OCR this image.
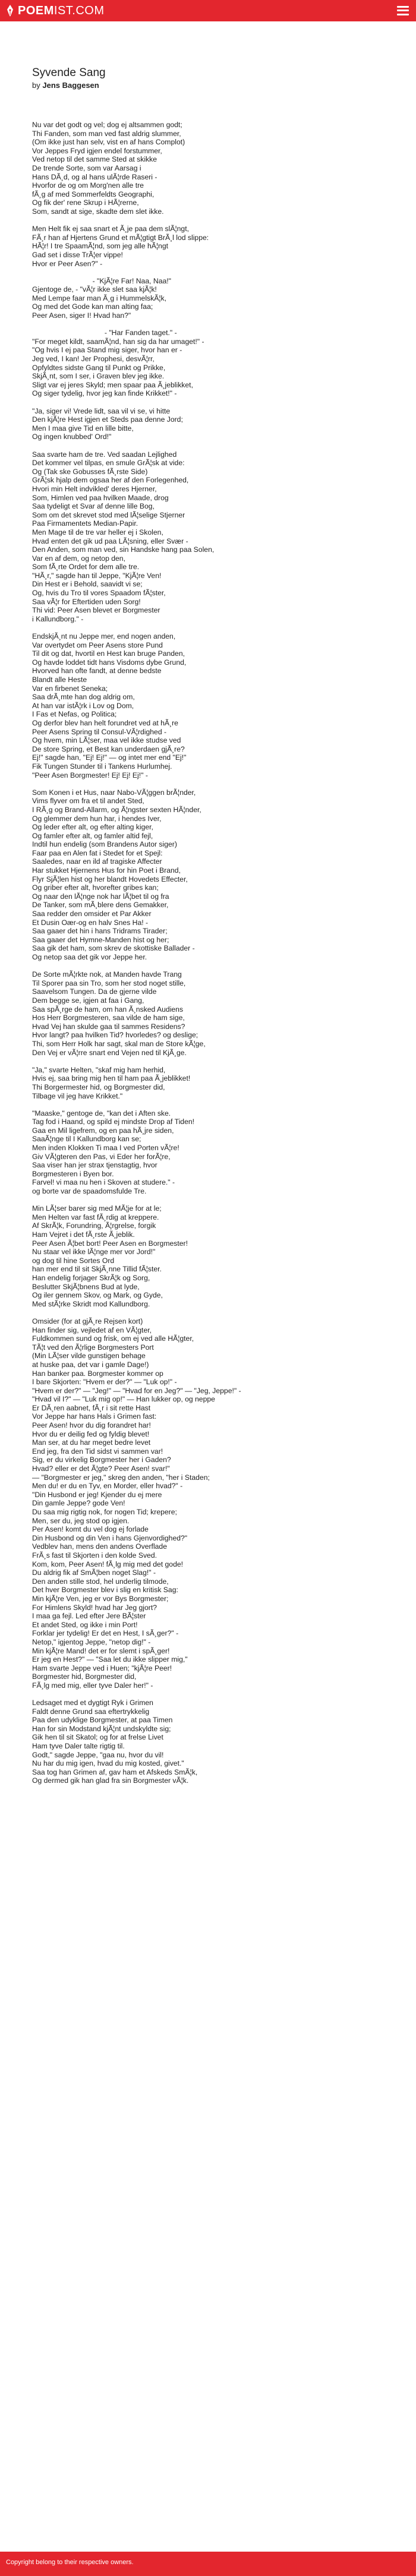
POEM IST.COM
Syvende Sang
by Jens Baggesen
Nu var det godt og vel; dog ej altsammen godt;
Thi Fanden, som man ved fast aldrig slummer,
(Om ikke just han selv, vist en af hans Complot)
Vor Jeppes Fryd igjen endel forstummer,
Ved netop til det samme Sted at skikke
De trende Sorte, som var Aarsag i
Hans DÃ¸d, og al hans ulÃ¦rde Raseri -
Hvorfor de og om Morg'nen alle tre
fÃ¸g af med Sommerfeldts Geographi,
Og fik der' rene Skrup i HÃ¦rerne,
Som, sandt at sige, skadte dem slet ikke.
Men Helt fik ej saa snart et Ã¸je paa dem slÃ¦ngt,
FÃ¸r han af Hjertens Grund et mÃ¦gtigt BrÃ¸l lod slippe:
HÃ¦r! I tre SpaamÃ¦nd, som jeg alle hÃ¦ngt
Gad set i disse TrÃ¦er vippe!
Hvor er Peer Asen?" -
- "KjÃ¦re Far! Naa, Naa!"
Gjentoge de, - "vÃ¦r ikke slet saa kjÃ¦k!
Med Lempe faar man Ã¸g i HummelskÃ¦k,
Og med det Gode kan man alting faa;
Peer Asen, siger I! Hvad han?"
- "Har Fanden taget." -
"For meget kildt, saamÃ¦nd, han sig da har umaget!" -
"Og hvis I ej paa Stand mig siger, hvor han er -
Jeg ved, I kan! Jer Prophesi, desvÃ¦rr,
Opfyldtes sidste Gang til Punkt og Prikke,
SkjÃ¸nt, som I ser, i Graven blev jeg ikke.
Sligt var ej jeres Skyld; men spaar paa Ã¸jeblikket,
Og siger tydelig, hvor jeg kan finde Krikket!" -
"Ja, siger vi! Vrede lidt, saa vil vi se, vi hitte
Den kjÃ¦re Hest igjen et Steds paa denne Jord;
Men I maa give Tid en lille bitte,
Og ingen knubbed' Ord!"
Saa svarte ham de tre. Ved saadan Lejlighed
Det kommer vel tilpas, en smule GrÃ¦sk at vide:
Og (Tak ske Gobusses fÃ¸rste Side)
GrÃ¦sk hjalp dem ogsaa her af den Forlegenhed,
Hvori min Helt indvikled' deres Hjerner,
Som, Himlen ved paa hvilken Maade, drog
Saa tydeligt et Svar af denne lille Bog,
Som om det skrevet stod med lÃ¦selige Stjerner
Paa Firmamentets Median-Papir.
Men Mage til de tre var heller ej i Skolen,
Hvad enten det gik ud paa LÃ¦sning, eller Svær -
Den Anden, som man ved, sin Handske hang paa Solen,
Var en af dem, og netop den,
Som fÃ¸rte Ordet for dem alle tre.
"HÃ¸r," sagde han til Jeppe, "KjÃ¦re Ven!
Din Hest er i Behold, saavidt vi se;
Og, hvis du Tro til vores Spaadom fÃ¦ster,
Saa vÃ¦r for Eftertiden uden Sorg!
Thi vid: Peer Asen blevet er Borgmester
i Kallundborg." -
EndskjÃ¸nt nu Jeppe mer, end nogen anden,
Var overtydet om Peer Asens store Pund
Til dit og dat, hvortil en Hest kan bruge Panden,
Og havde loddet tidt hans Visdoms dybe Grund,
Hvorved han ofte fandt, at denne bedste
Blandt alle Heste
Var en firbenet Seneka;
Saa drÃ¸mte han dog aldrig om,
At han var istÃ¦rk i Lov og Dom,
I Fas et Nefas, og Politica;
Og derfor blev han helt forundret ved at hÃ¸re
Peer Asens Spring til Consul-VÃ¦rdighed -
Og hvem, min LÃ¦ser, maa vel ikke studse ved
De store Spring, et Best kan underdaen gjÃ¸re?
Ej!" sagde han, "Ej! Ej!" — og intet mer end "Ej!"
Fik Tungen Stunder til i Tankens Hurlumhej.
"Peer Asen Borgmester! Ej! Ej! Ej!" -
Som Konen i et Hus, naar Nabo-VÃ¦ggen brÃ¦nder,
Vims flyver om fra et til andet Sted,
I RÃ¸g og Brand-Allarm, og Ã¦ngster sexten HÃ¦nder,
Og glemmer dem hun har, i hendes Iver,
Og leder efter alt, og efter alting kiger,
Og famler efter alt, og famler altid fejl,
Indtil hun endelig (som Brandens Autor siger)
Faar paa en Alen fat i Stedet for et Spejl:
Saaledes, naar en ild af tragiske Affecter
Har stukket Hjernens Hus for hin Poet i Brand,
Flyr SjÃ¦len hist og her blandt Hovedets Effecter,
Og griber efter alt, hvorefter gribes kan;
Og naar den lÃ¦nge nok har lÃ¦bet til og fra
De Tanker, som mÃ¸blere dens Gemakker,
Saa redder den omsider et Par Akker
Et Dusin Oær-og en halv Snes Ha! -
Saa gaaer det hin i hans Tridrams Tirader;
Saa gaaer det Hymne-Manden hist og her;
Saa gik det ham, som skrev de skottiske Ballader -
Og netop saa det gik vor Jeppe her.
De Sorte mÃ¦rkte nok, at Manden havde Trang
Til Sporer paa sin Tro, som her stod noget stille,
Saavelsom Tungen. Da de gjerne vilde
Dem begge se, igjen at faa i Gang,
Saa spÃ¸rge de ham, om han Ã¸nsked Audiens
Hos Herr Borgmesteren, saa vilde de ham sige,
Hvad Vej han skulde gaa til sammes Residens?
Hvor langt? paa hvilken Tid? hvorledes? og deslige;
Thi, som Herr Holk har sagt, skal man de Store kÃ¦ge,
Den Vej er vÃ¦rre snart end Vejen ned til KjÃ¸ge.
"Ja," svarte Helten, "skaf mig ham herhid,
Hvis ej, saa bring mig hen til ham paa Ã¸jeblikket!
Thi Borgermester hid, og Borgmester did,
Tilbage vil jeg have Krikket."
"Maaske," gentoge de, "kan det i Aften ske.
Tag fod i Haand, og spild ej mindste Drop af Tiden!
Gaa en Mil ligefrem, og en paa hÃ¸jre siden,
SaaÃ¦nge til I Kallundborg kan se;
Men inden Klokken Ti maa I ved Porten vÃ¦re!
Giv VÃ¦gteren den Pas, vi Eder her forÃ¦re,
Saa viser han jer strax tjenstagtig, hvor
Borgmesteren i Byen bor.
Farvel! vi maa nu hen i Skoven at studere." -
og borte var de spaadomsfulde Tre.
Min LÃ¦ser barer sig med MÃ¦je for at le;
Men Helten var fast fÃ¸rdig at kreppere.
Af SkrÃ¦k, Forundring, Ã¦rgrelse, forgik
Ham Vejret i det fÃ¸rste Ã¸jeblik.
Peer Asen Ã¦bet bort! Peer Asen en Borgmester!
Nu staar vel ikke lÃ¦nge mer vor Jord!"
og dog til hine Sortes Ord
han mer end til sit SkjÃ¸nne Tillid fÃ¦ster.
Han endelig forjager SkrÃ¦k og Sorg,
Beslutter SkjÃ¦bnens Bud at lyde,
Og iler gennem Skov, og Mark, og Gyde,
Med stÃ¦rke Skridt mod Kallundborg.
Omsider (for at gjÃ¸re Rejsen kort)
Han finder sig, vejledet af en VÃ¦gter,
Fuldkommen sund og frisk, om ej ved alle HÃ¦gter,
TÃ¦t ved den Ã¦rlige Borgmesters Port
(Min LÃ¦ser vilde gunstigen behage
at huske paa, det var i gamle Dage!)
Han banker paa. Borgmester kommer op
I bare Skjorten: "Hvem er der?" — "Luk op!" -
"Hvem er der?" — "Jeg!" — "Hvad for en Jeg?" — "Jeg, Jeppe!" -
"Hvad vil I?" — "Luk mig op!" — Han lukker op, og neppe
Er DÃ¸ren aabnet, fÃ¸r i sit rette Hast
Vor Jeppe har hans Hals i Grimen fast:
Peer Asen! hvor du dig forandret har!
Hvor du er deilig fed og fyldig blevet!
Man ser, at du har meget bedre levet
End jeg, fra den Tid sidst vi sammen var!
Sig, er du virkelig Borgmester her i Gaden?
Hvad? eller er det Ã¦gte? Peer Asen! svar!"
— "Borgmester er jeg," skreg den anden, "her i Staden;
Men du! er du en Tyv, en Morder, eller hvad?" -
"Din Husbond er jeg! Kjender du ej mere
Din gamle Jeppe? gode Ven!
Du saa mig rigtig nok, for nogen Tid; krepere;
Men, ser du, jeg stod op igjen.
Per Asen! komt du vel dog ej forlade
Din Husbond og din Ven i hans Gjenvordighed?"
Vedblev han, mens den andens Overflade
FrÃ¸s fast til Skjorten i den kolde Sved.
Kom, kom, Peer Asen! fÃ¸lg mig med det gode!
Du aldrig fik af SmÃ¦ben noget Slag!" -
Den anden stille stod, hel underlig tilmode,
Det hver Borgmester blev i slig en kritisk Sag:
Min kjÃ¦re Ven, jeg er vor Bys Borgmester;
For Himlens Skyld! hvad har Jeg gjort?
I maa ga fejl. Led efter Jere BÃ¦ster
Et andet Sted, og ikke i min Port!
Forklar jer tydelig! Er det en Hest, I sÃ¸ger?" -
Netop," igjentog Jeppe, "netop dig!" -
Min kjÃ¦re Mand! det er for slemt i spÃ¸ger!
Er jeg en Hest?" — "Saa let du ikke slipper mig,"
Ham svarte Jeppe ved i Huen; "kjÃ¦re Peer!
Borgmester hid, Borgmester did,
FÃ¸lg med mig, eller tyve Daler her!" -
Ledsaget med et dygtigt Ryk i Grimen
Faldt denne Grund saa eftertrykkelig
Paa den udyklige Borgmester, at paa Timen
Han for sin Modstand kjÃ¦nt undskyldte sig;
Gik hen til sit Skatol; og for at frelse Livet
Ham tyve Daler talte rigtig til.
Godt," sagde Jeppe, "gaa nu, hvor du vil!
Nu har du mig igen, hvad du mig kosted, givet."
Saa tog han Grimen af, gav ham et Afskeds SmÃ¦k,
Og dermed gik han glad fra sin Borgmester vÃ¦k.
Copyright belong to their respective owners.
